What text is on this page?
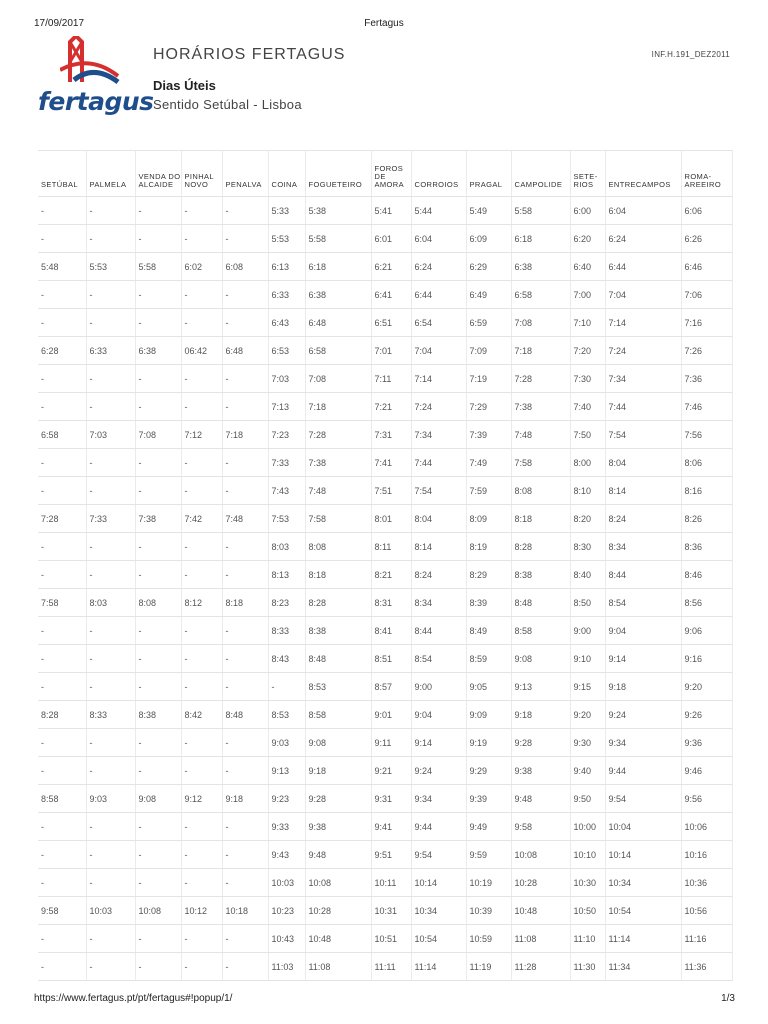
17/09/2017	Fertagus
fertagus
HORÁRIOS FERTAGUS	INF.H.191_DEZ2011
Dias Úteis
Sentido Setúbal - Lisboa
SETÚBAL	PALMELA	VENDA DO ALCAIDE	PINHAL NOVO	PENALVA	COINA	FOGUETEIRO	FOROS DE AMORA	CORROIOS	PRAGAL	CAMPOLIDE	SETE-RIOS	ENTRECAMPOS	ROMA-AREEIRO
-	-	-	-	-	5:33	5:38	5:41	5:44	5:49	5:58	6:00	6:04	6:06
-	-	-	-	-	5:53	5:58	6:01	6:04	6:09	6:18	6:20	6:24	6:26
5:48	5:53	5:58	6:02	6:08	6:13	6:18	6:21	6:24	6:29	6:38	6:40	6:44	6:46
-	-	-	-	-	6:33	6:38	6:41	6:44	6:49	6:58	7:00	7:04	7:06
-	-	-	-	-	6:43	6:48	6:51	6:54	6:59	7:08	7:10	7:14	7:16
6:28	6:33	6:38	06:42	6:48	6:53	6:58	7:01	7:04	7:09	7:18	7:20	7:24	7:26
-	-	-	-	-	7:03	7:08	7:11	7:14	7:19	7:28	7:30	7:34	7:36
-	-	-	-	-	7:13	7:18	7:21	7:24	7:29	7:38	7:40	7:44	7:46
6:58	7:03	7:08	7:12	7:18	7:23	7:28	7:31	7:34	7:39	7:48	7:50	7:54	7:56
-	-	-	-	-	7:33	7:38	7:41	7:44	7:49	7:58	8:00	8:04	8:06
-	-	-	-	-	7:43	7:48	7:51	7:54	7:59	8:08	8:10	8:14	8:16
7:28	7:33	7:38	7:42	7:48	7:53	7:58	8:01	8:04	8:09	8:18	8:20	8:24	8:26
-	-	-	-	-	8:03	8:08	8:11	8:14	8:19	8:28	8:30	8:34	8:36
-	-	-	-	-	8:13	8:18	8:21	8:24	8:29	8:38	8:40	8:44	8:46
7:58	8:03	8:08	8:12	8:18	8:23	8:28	8:31	8:34	8:39	8:48	8:50	8:54	8:56
-	-	-	-	-	8:33	8:38	8:41	8:44	8:49	8:58	9:00	9:04	9:06
-	-	-	-	-	8:43	8:48	8:51	8:54	8:59	9:08	9:10	9:14	9:16
-	-	-	-	-	-	8:53	8:57	9:00	9:05	9:13	9:15	9:18	9:20
8:28	8:33	8:38	8:42	8:48	8:53	8:58	9:01	9:04	9:09	9:18	9:20	9:24	9:26
-	-	-	-	-	9:03	9:08	9:11	9:14	9:19	9:28	9:30	9:34	9:36
-	-	-	-	-	9:13	9:18	9:21	9:24	9:29	9:38	9:40	9:44	9:46
8:58	9:03	9:08	9:12	9:18	9:23	9:28	9:31	9:34	9:39	9:48	9:50	9:54	9:56
-	-	-	-	-	9:33	9:38	9:41	9:44	9:49	9:58	10:00	10:04	10:06
-	-	-	-	-	9:43	9:48	9:51	9:54	9:59	10:08	10:10	10:14	10:16
-	-	-	-	-	10:03	10:08	10:11	10:14	10:19	10:28	10:30	10:34	10:36
9:58	10:03	10:08	10:12	10:18	10:23	10:28	10:31	10:34	10:39	10:48	10:50	10:54	10:56
-	-	-	-	-	10:43	10:48	10:51	10:54	10:59	11:08	11:10	11:14	11:16
-	-	-	-	-	11:03	11:08	11:11	11:14	11:19	11:28	11:30	11:34	11:36
https://www.fertagus.pt/pt/fertagus#!popup/1/	1/3
